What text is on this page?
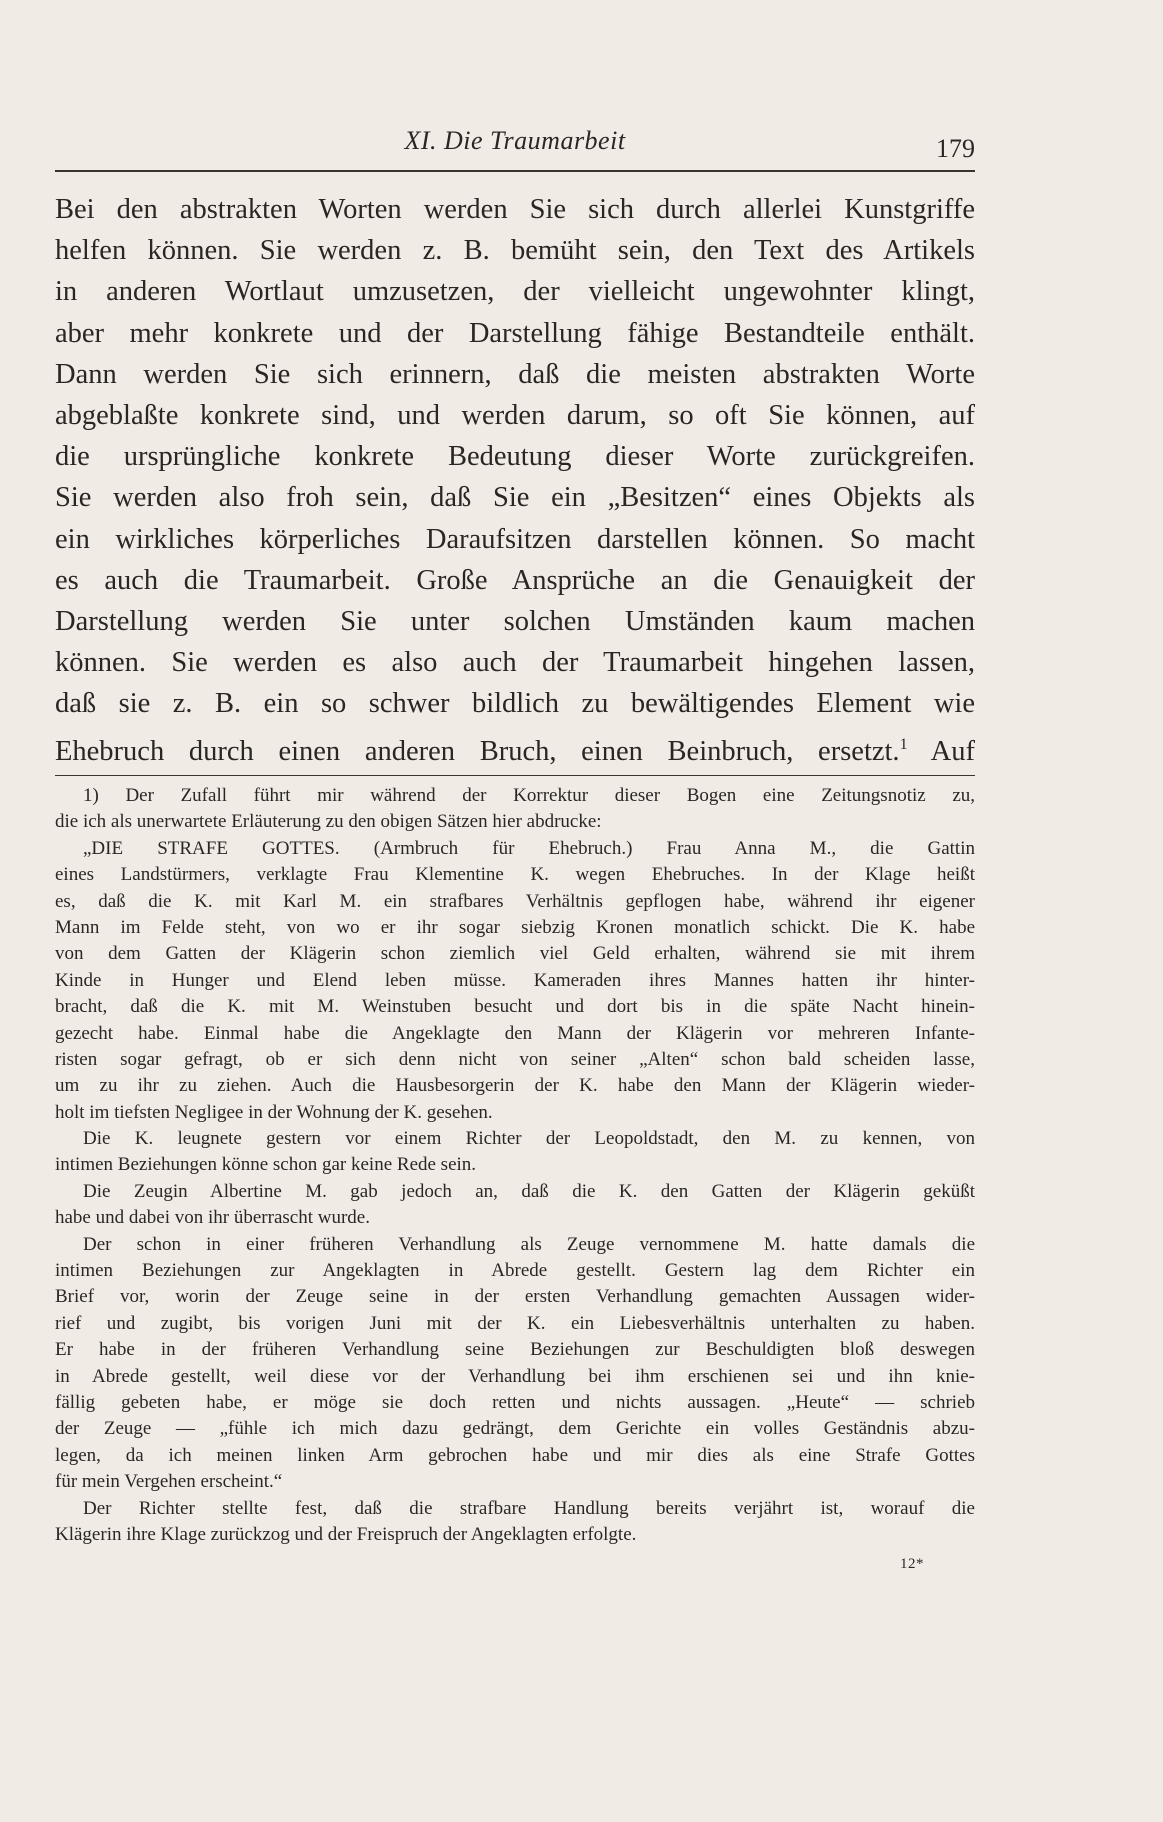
XI. Die Traumarbeit	179
Bei den abstrakten Worten werden Sie sich durch allerlei Kunstgriffe
helfen können. Sie werden z. B. bemüht sein, den Text des Artikels
in anderen Wortlaut umzusetzen, der vielleicht ungewohnter klingt,
aber mehr konkrete und der Darstellung fähige Bestandteile enthält.
Dann werden Sie sich erinnern, daß die meisten abstrakten Worte
abgeblaßte konkrete sind, und werden darum, so oft Sie können, auf
die ursprüngliche konkrete Bedeutung dieser Worte zurückgreifen.
Sie werden also froh sein, daß Sie ein „Besitzen“ eines Objekts als
ein wirkliches körperliches Daraufsitzen darstellen können. So macht
es auch die Traumarbeit. Große Ansprüche an die Genauigkeit der
Darstellung werden Sie unter solchen Umständen kaum machen
können. Sie werden es also auch der Traumarbeit hingehen lassen,
daß sie z. B. ein so schwer bildlich zu bewältigendes Element wie
Ehebruch durch einen anderen Bruch, einen Beinbruch, ersetzt.$^1$ Auf
1) Der Zufall führt mir während der Korrektur dieser Bogen eine Zeitungsnotiz zu,
die ich als unerwartete Erläuterung zu den obigen Sätzen hier abdrucke:
„DIE STRAFE GOTTES. (Armbruch für Ehebruch.) Frau Anna M., die Gattin
eines Landstürmers, verklagte Frau Klementine K. wegen Ehebruches. In der Klage heißt
es, daß die K. mit Karl M. ein strafbares Verhältnis gepflogen habe, während ihr eigener
Mann im Felde steht, von wo er ihr sogar siebzig Kronen monatlich schickt. Die K. habe
von dem Gatten der Klägerin schon ziemlich viel Geld erhalten, während sie mit ihrem
Kinde in Hunger und Elend leben müsse. Kameraden ihres Mannes hatten ihr hinter-
bracht, daß die K. mit M. Weinstuben besucht und dort bis in die späte Nacht hinein-
gezecht habe. Einmal habe die Angeklagte den Mann der Klägerin vor mehreren Infante-
risten sogar gefragt, ob er sich denn nicht von seiner „Alten“ schon bald scheiden lasse,
um zu ihr zu ziehen. Auch die Hausbesorgerin der K. habe den Mann der Klägerin wieder-
holt im tiefsten Negligee in der Wohnung der K. gesehen.
Die K. leugnete gestern vor einem Richter der Leopoldstadt, den M. zu kennen, von
intimen Beziehungen könne schon gar keine Rede sein.
Die Zeugin Albertine M. gab jedoch an, daß die K. den Gatten der Klägerin geküßt
habe und dabei von ihr überrascht wurde.
Der schon in einer früheren Verhandlung als Zeuge vernommene M. hatte damals die
intimen Beziehungen zur Angeklagten in Abrede gestellt. Gestern lag dem Richter ein
Brief vor, worin der Zeuge seine in der ersten Verhandlung gemachten Aussagen wider-
rief und zugibt, bis vorigen Juni mit der K. ein Liebesverhältnis unterhalten zu haben.
Er habe in der früheren Verhandlung seine Beziehungen zur Beschuldigten bloß deswegen
in Abrede gestellt, weil diese vor der Verhandlung bei ihm erschienen sei und ihn knie-
fällig gebeten habe, er möge sie doch retten und nichts aussagen. „Heute“ — schrieb
der Zeuge — „fühle ich mich dazu gedrängt, dem Gerichte ein volles Geständnis abzu-
legen, da ich meinen linken Arm gebrochen habe und mir dies als eine Strafe Gottes
für mein Vergehen erscheint.“
Der Richter stellte fest, daß die strafbare Handlung bereits verjährt ist, worauf die
Klägerin ihre Klage zurückzog und der Freispruch der Angeklagten erfolgte.
12*
